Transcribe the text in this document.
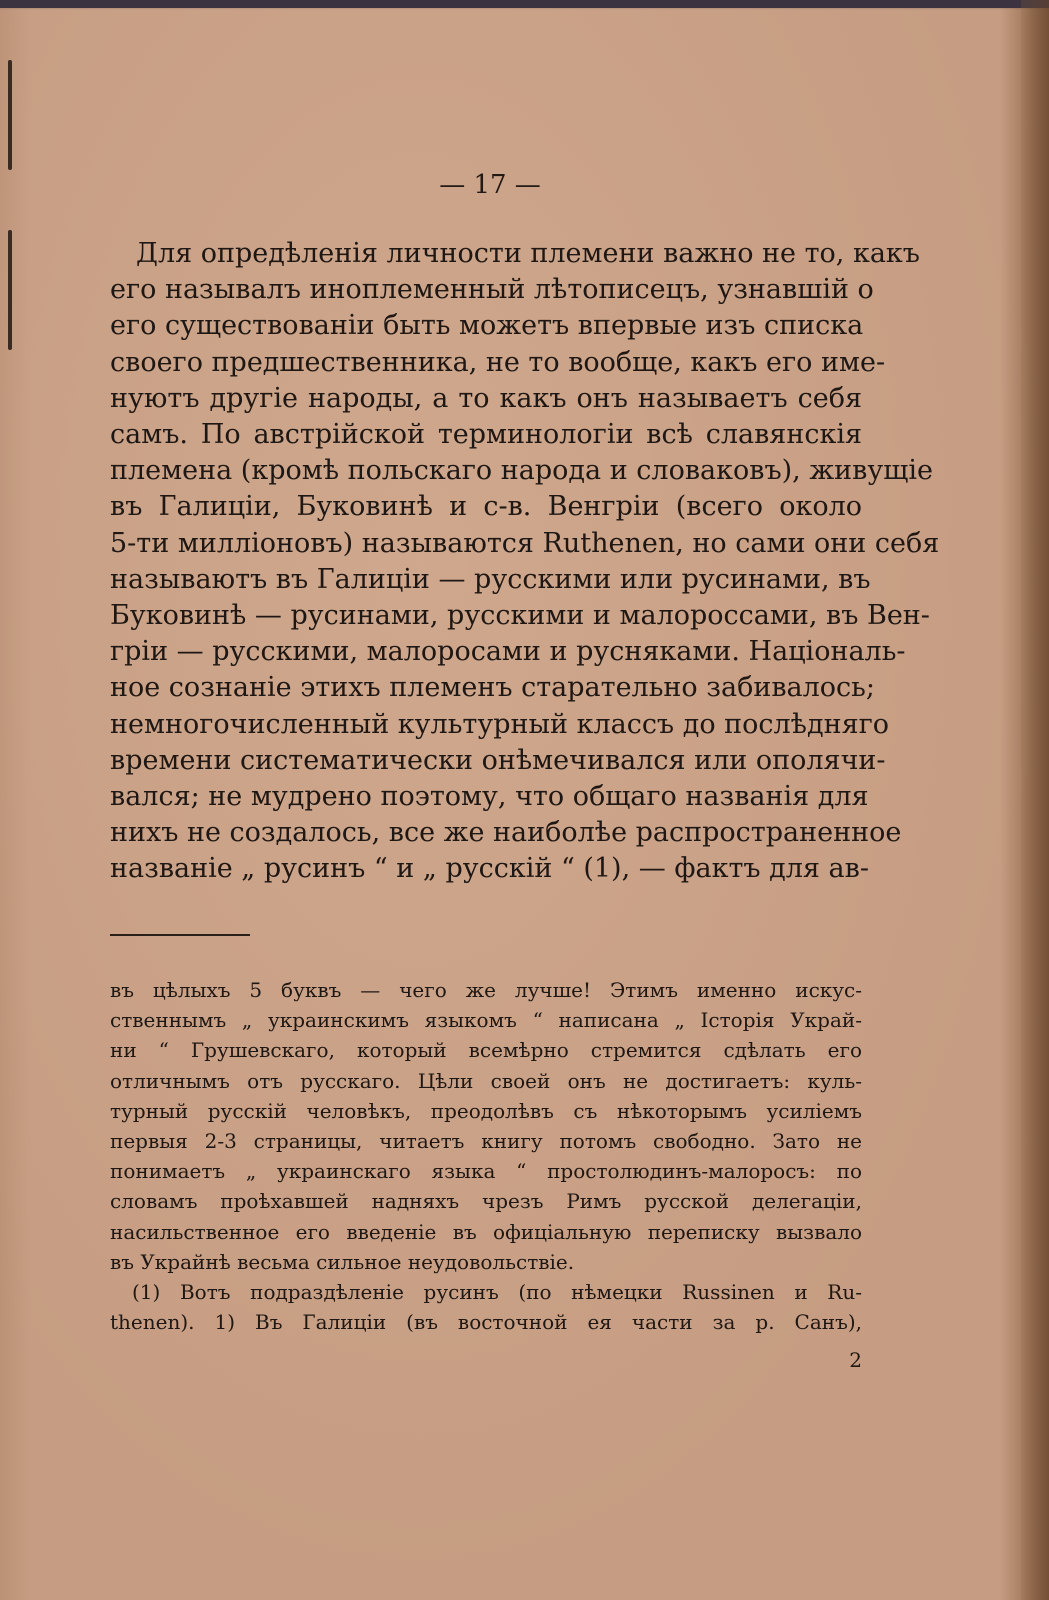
— 17 —
Для опредѣленія личности племени важно не то, какъ
его называлъ иноплеменный лѣтописецъ, узнавшій о
его существованіи быть можетъ впервые изъ списка
своего предшественника, не то вообще, какъ его име-
нуютъ другіе народы, а то какъ онъ называетъ себя
самъ. По австрійской терминологіи всѣ славянскія
племена (кромѣ польскаго народа и словаковъ), живущіе
въ Галиціи, Буковинѣ и с-в. Венгріи (всего около
5-ти милліоновъ) называются Ruthenen, но сами они себя
называютъ въ Галиціи — русскими или русинами, въ
Буковинѣ — русинами, русскими и малороссами, въ Вен-
гріи — русскими, малоросами и русняками. Національ-
ное сознаніе этихъ племенъ старательно забивалось;
немногочисленный культурный классъ до послѣдняго
времени систематически онѣмечивался или ополячи-
вался; не мудрено поэтому, что общаго названія для
нихъ не создалось, все же наиболѣе распространенное
названіе „ русинъ “ и „ русскій “ (1), — фактъ для ав-
въ цѣлыхъ 5 буквъ — чего же лучше! Этимъ именно искус-
ственнымъ „ украинскимъ языкомъ “ написана „ Історія Украй-
ни “ Грушевскаго, который всемѣрно стремится сдѣлать его
отличнымъ отъ русскаго. Цѣли своей онъ не достигаетъ: куль-
турный русскій человѣкъ, преодолѣвъ съ нѣкоторымъ усиліемъ
первыя 2-3 страницы, читаетъ книгу потомъ свободно. Зато не
понимаетъ „ украинскаго языка “ простолюдинъ-малоросъ: по
словамъ проѣхавшей надняхъ чрезъ Римъ русской делегаціи,
насильственное его введеніе въ офиціальную переписку вызвало
въ Украйнѣ весьма сильное неудовольствіе.
(1) Вотъ подраздѣленіе русинъ (по нѣмецки Russinen и Ru-
thenen). 1) Въ Галиціи (въ восточной ея части за р. Санъ),
2
